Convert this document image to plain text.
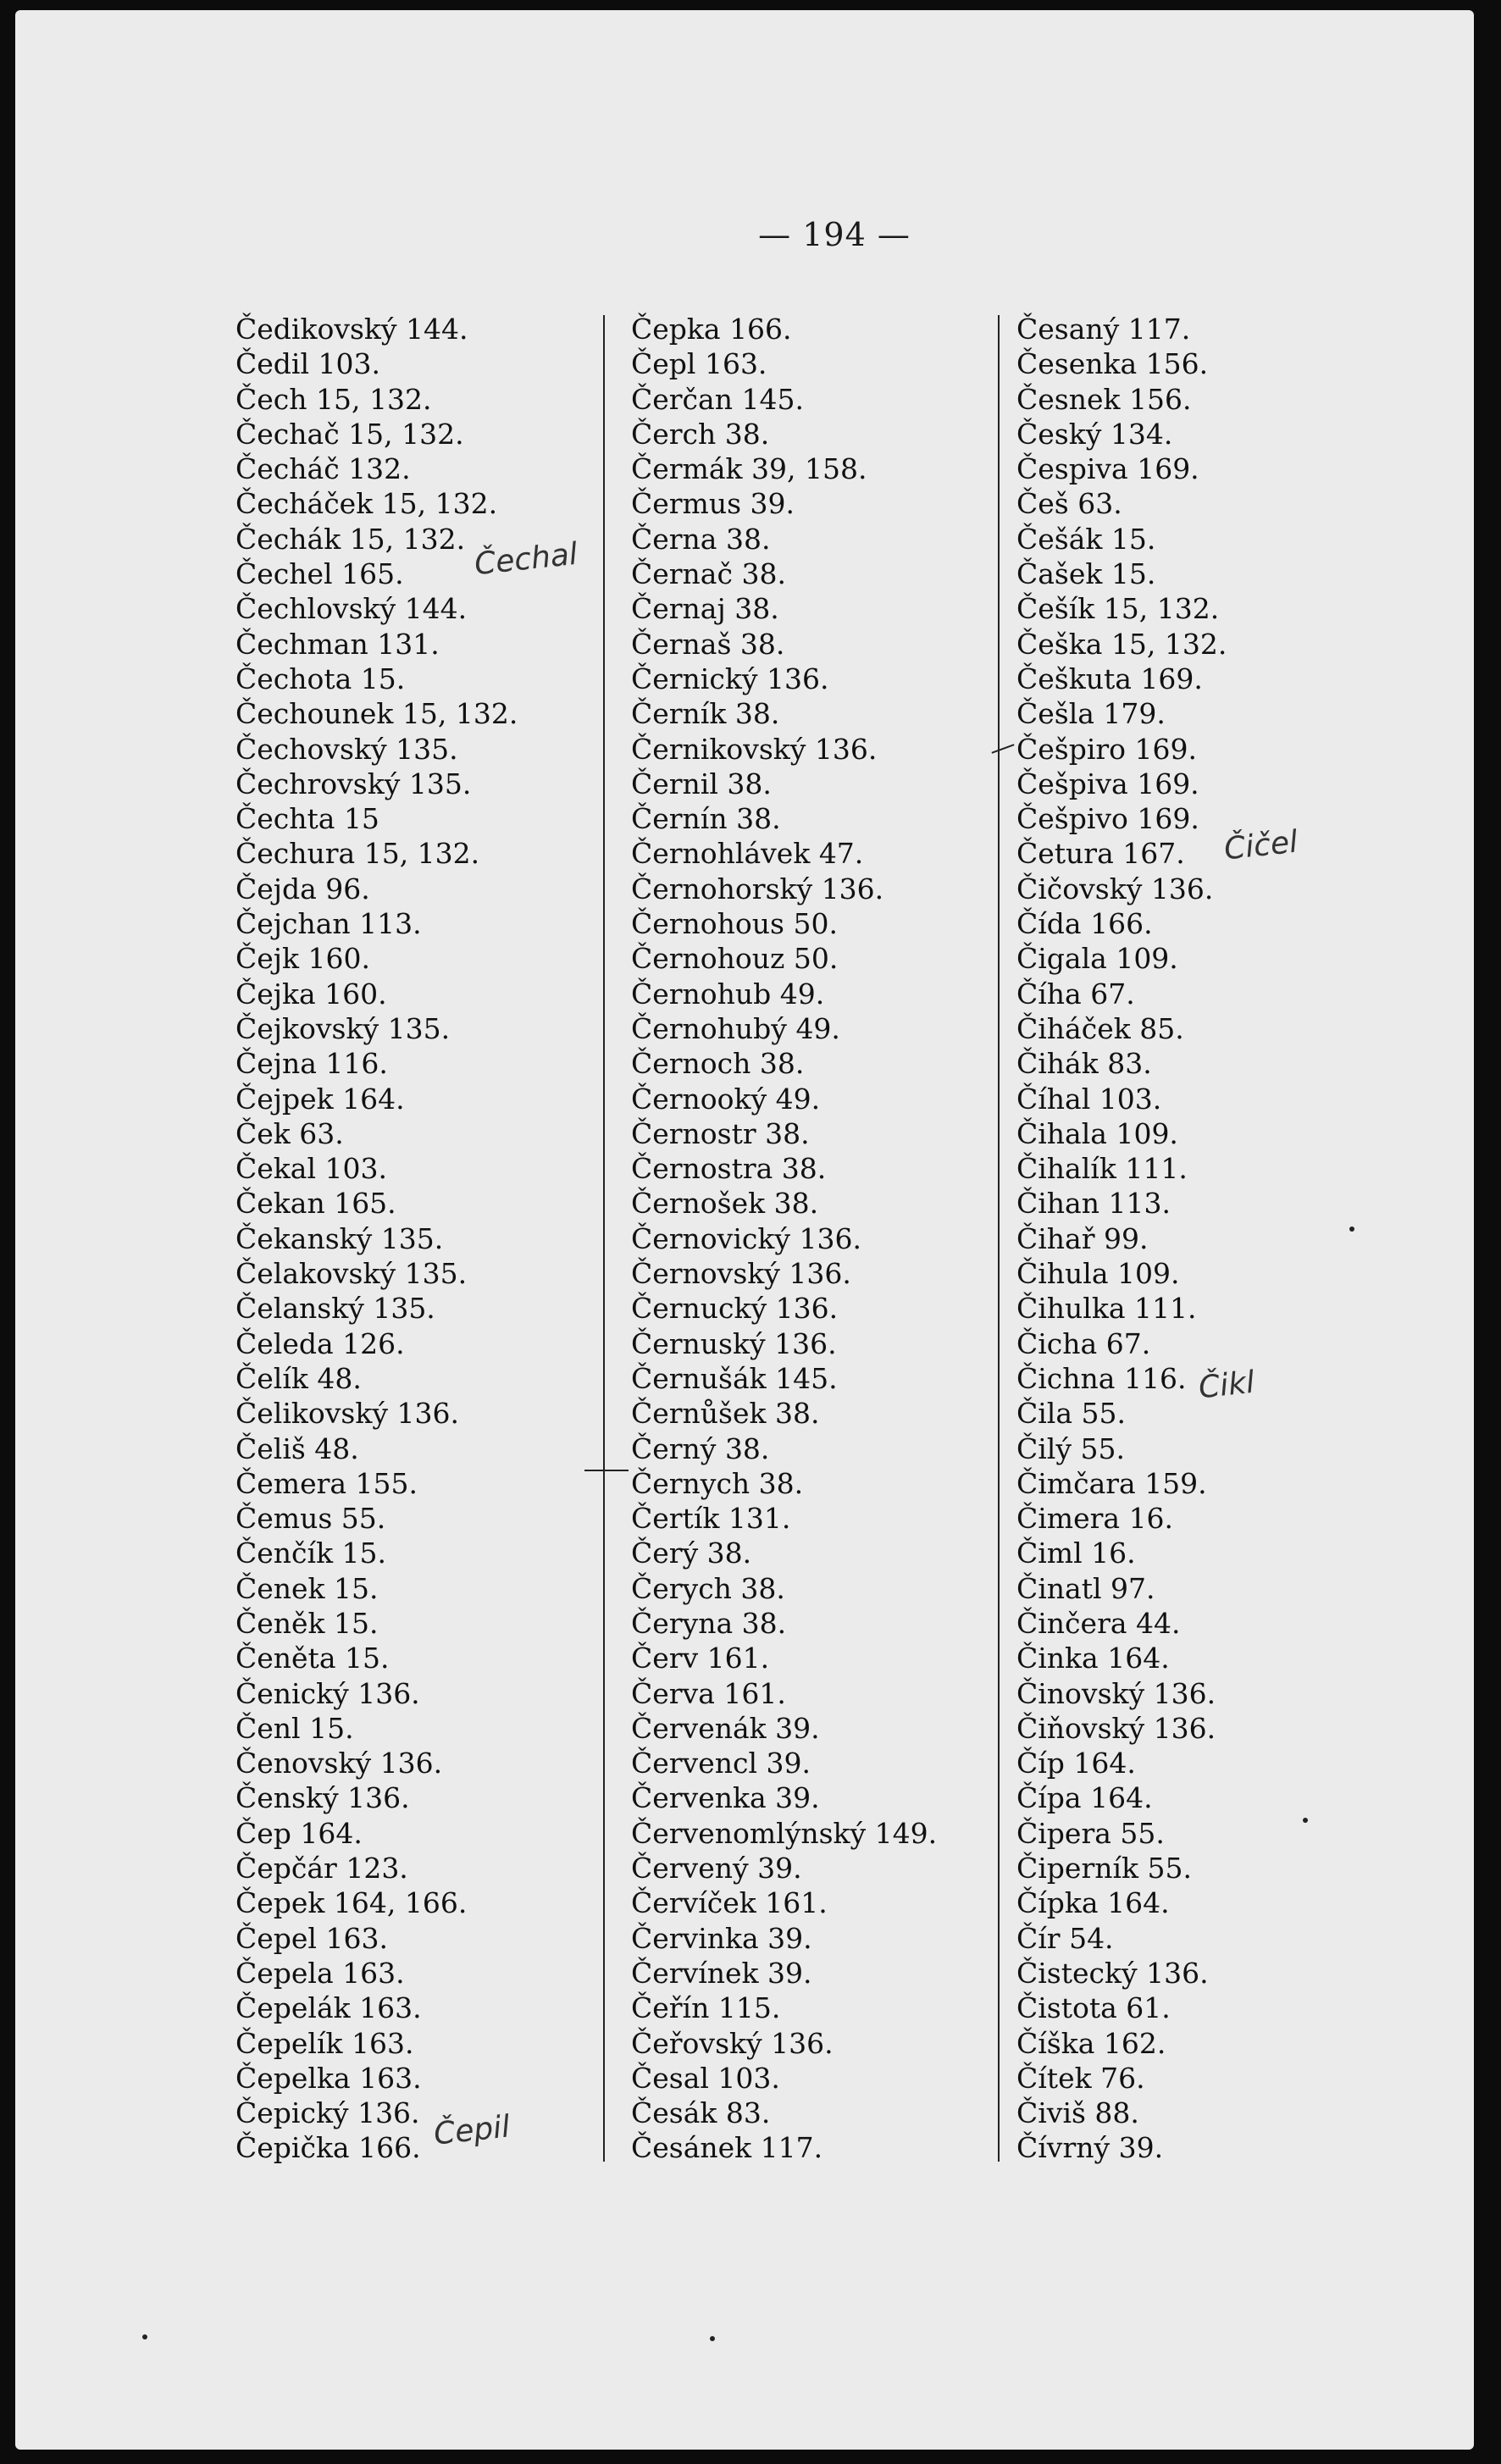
— 194 —
Čedikovský 144.
Čedil 103.
Čech 15, 132.
Čechač 15, 132.
Čecháč 132.
Čecháček 15, 132.
Čechák 15, 132.
Čechel 165.
Čechlovský 144.
Čechman 131.
Čechota 15.
Čechounek 15, 132.
Čechovský 135.
Čechrovský 135.
Čechta 15
Čechura 15, 132.
Čejda 96.
Čejchan 113.
Čejk 160.
Čejka 160.
Čejkovský 135.
Čejna 116.
Čejpek 164.
Ček 63.
Čekal 103.
Čekan 165.
Čekanský 135.
Čelakovský 135.
Čelanský 135.
Čeleda 126.
Čelík 48.
Čelikovský 136.
Čeliš 48.
Čemera 155.
Čemus 55.
Čenčík 15.
Čenek 15.
Čeněk 15.
Čeněta 15.
Čenický 136.
Čenl 15.
Čenovský 136.
Čenský 136.
Čep 164.
Čepčár 123.
Čepek 164, 166.
Čepel 163.
Čepela 163.
Čepelák 163.
Čepelík 163.
Čepelka 163.
Čepický 136.
Čepička 166.
Čepka 166.
Čepl 163.
Čerčan 145.
Čerch 38.
Čermák 39, 158.
Čermus 39.
Černa 38.
Černač 38.
Černaj 38.
Černaš 38.
Černický 136.
Černík 38.
Černikovský 136.
Černil 38.
Černín 38.
Černohlávek 47.
Černohorský 136.
Černohous 50.
Černohouz 50.
Černohub 49.
Černohubý 49.
Černoch 38.
Černooký 49.
Černostr 38.
Černostra 38.
Černošek 38.
Černovický 136.
Černovský 136.
Černucký 136.
Černuský 136.
Černušák 145.
Černůšek 38.
Černý 38.
Černych 38.
Čertík 131.
Čerý 38.
Čerych 38.
Čeryna 38.
Červ 161.
Červa 161.
Červenák 39.
Červencl 39.
Červenka 39.
Červenomlýnský 149.
Červený 39.
Červíček 161.
Červinka 39.
Červínek 39.
Čeřín 115.
Čeřovský 136.
Česal 103.
Česák 83.
Česánek 117.
Česaný 117.
Česenka 156.
Česnek 156.
Český 134.
Čespiva 169.
Češ 63.
Češák 15.
Čašek 15.
Češík 15, 132.
Češka 15, 132.
Češkuta 169.
Češla 179.
Češpiro 169.
Češpiva 169.
Češpivo 169.
Četura 167.
Čičovský 136.
Čída 166.
Čigala 109.
Číha 67.
Čiháček 85.
Čihák 83.
Číhal 103.
Čihala 109.
Čihalík 111.
Čihan 113.
Čihař 99.
Čihula 109.
Čihulka 111.
Čicha 67.
Čichna 116.
Čila 55.
Čilý 55.
Čimčara 159.
Čimera 16.
Čiml 16.
Činatl 97.
Činčera 44.
Činka 164.
Činovský 136.
Čiňovský 136.
Číp 164.
Čípa 164.
Čipera 55.
Čiperník 55.
Čípka 164.
Čír 54.
Čistecký 136.
Čistota 61.
Číška 162.
Čítek 76.
Čiviš 88.
Čívrný 39.
Čechal
Čičel
Čikl
Čepil
